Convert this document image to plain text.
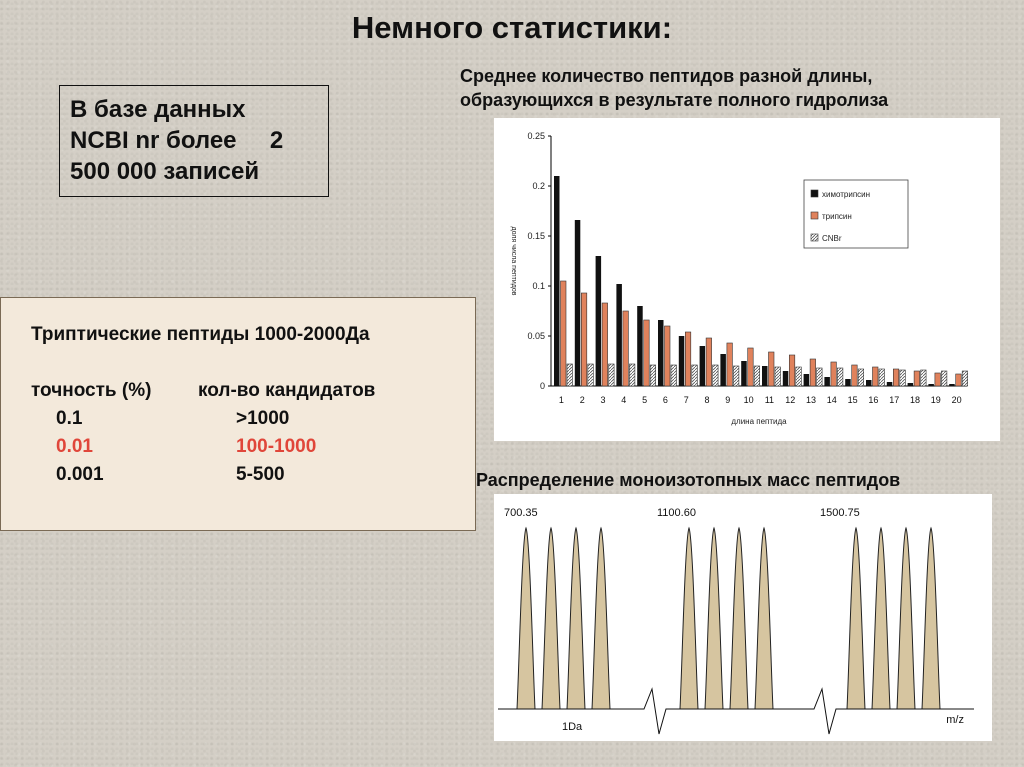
Немного статистики:
В базе данных
NCBI nr более     2
500 000 записей
Триптические пептиды 1000-2000Да
точность (%) кол-во кандидатов
0.1	>1000
0.01	100-1000
0.001	5-500
Среднее количество пептидов разной длины,
образующихся в результате полного гидролиза
0
0.05
0.1
0.15
0.2
0.25
1 2 3 4 5 6 7 8 9 10 11 12 13 14 15 16 17 18 19 20
длина пептида
доля числа пептидов
химотрипсин
трипсин
CNBr
Распределение моноизотопных масс пептидов
700.35	1100.60	1500.75
1Da
m/z
